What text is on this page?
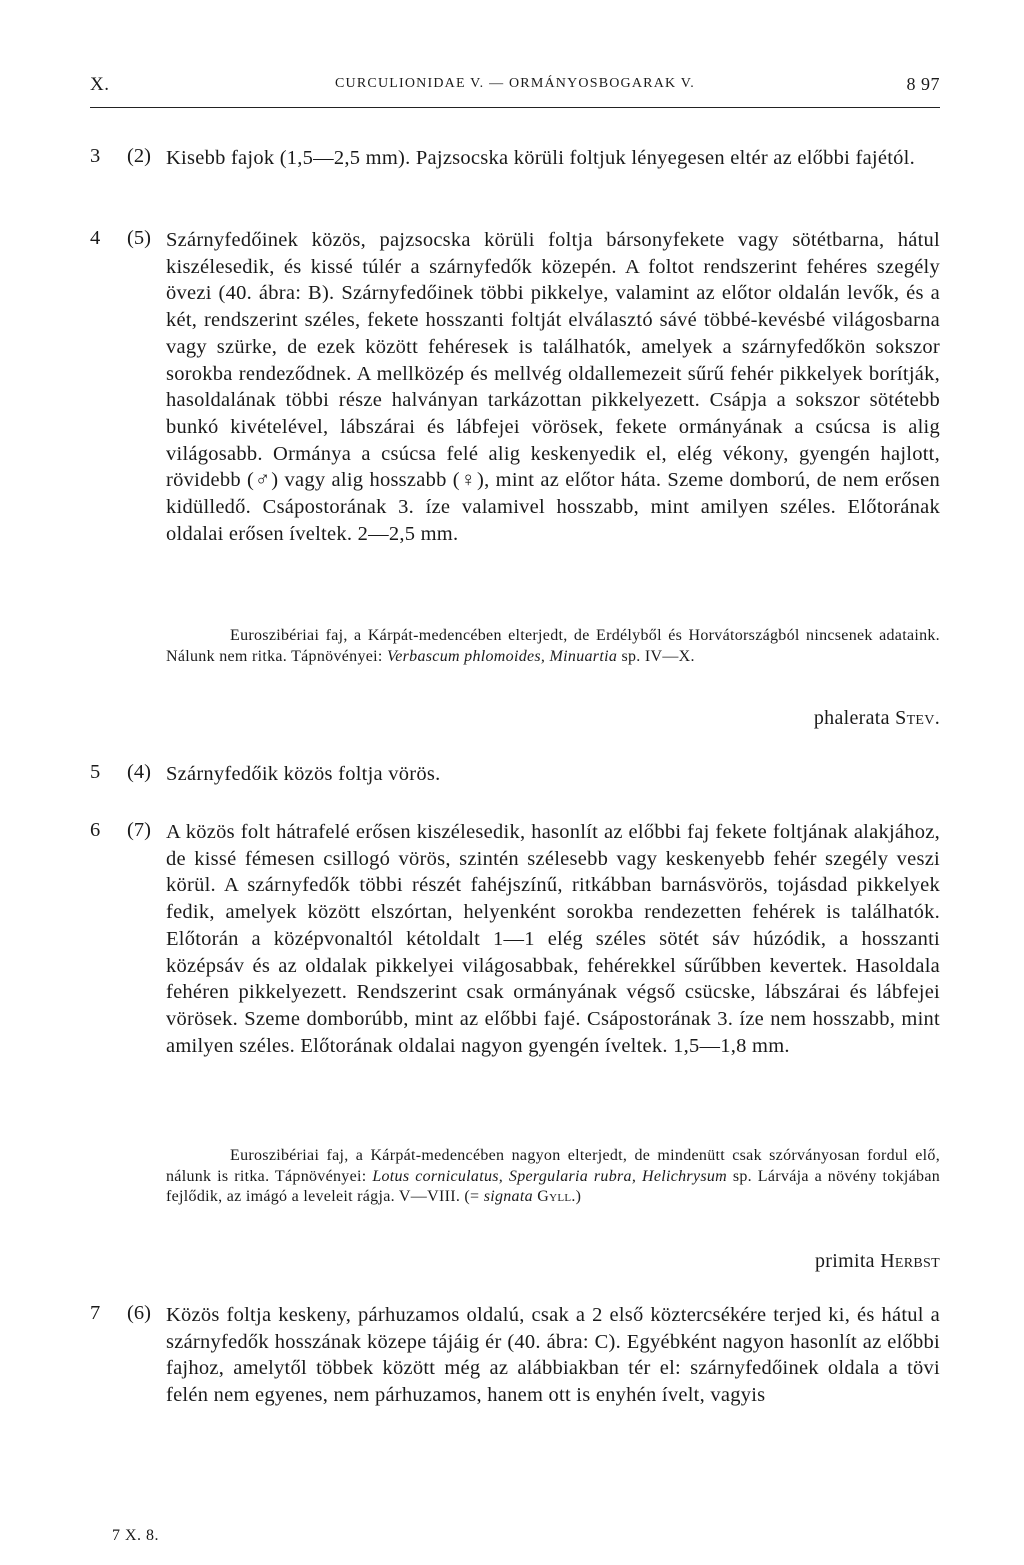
X.	CURCULIONIDAE V. — ORMÁNYOSBOGARAK V.	8 97
3 (2) Kisebb fajok (1,5—2,5 mm). Pajzsocska körüli foltjuk lényegesen eltér az előbbi fajétól.
4 (5) Szárnyfedőinek közös, pajzsocska körüli foltja bársonyfekete vagy sötétbarna, hátul kiszélesedik, és kissé túlér a szárnyfedők közepén. A foltot rendszerint fehéres szegély övezi (40. ábra: B). Szárnyfedőinek többi pikkelye, valamint az előtor oldalán levők, és a két, rendszerint széles, fekete hosszanti foltját elválasztó sávé többé-kevésbé világosbarna vagy szürke, de ezek között fehéresek is találhatók, amelyek a szárnyfedőkön sokszor sorokba rendeződnek. A mellközép és mellvég oldallemezeit sűrű fehér pikkelyek borítják, hasoldalának többi része halványan tarkázottan pikkelyezett. Csápja a sokszor sötétebb bunkó kivételével, lábszárai és lábfejei vörösek, fekete ormányának a csúcsa is alig világosabb. Ormánya a csúcsa felé alig keskenyedik el, elég vékony, gyengén hajlott, rövidebb (♂) vagy alig hosszabb (♀), mint az előtor háta. Szeme domború, de nem erősen kidülledő. Csápostorának 3. íze valamivel hosszabb, mint amilyen széles. Előtorának oldalai erősen íveltek. 2—2,5 mm.
Euroszibériai faj, a Kárpát-medencében elterjedt, de Erdélyből és Horvátországból nincsenek adataink. Nálunk nem ritka. Tápnövényei: Verbascum phlomoides, Minuartia sp. IV—X.
phalerata Stev.
5 (4) Szárnyfedőik közös foltja vörös.
6 (7) A közös folt hátrafelé erősen kiszélesedik, hasonlít az előbbi faj fekete foltjának alakjához, de kissé fémesen csillogó vörös, szintén szélesebb vagy keskenyebb fehér szegély veszi körül. A szárnyfedők többi részét fahéjszínű, ritkábban barnásvörös, tojásdad pikkelyek fedik, amelyek között elszórtan, helyenként sorokba rendezetten fehérek is találhatók. Előtorán a középvonaltól kétoldalt 1—1 elég széles sötét sáv húzódik, a hosszanti középsáv és az oldalak pikkelyei világosabbak, fehérekkel sűrűbben kevertek. Hasoldala fehéren pikkelyezett. Rendszerint csak ormányának végső csücske, lábszárai és lábfejei vörösek. Szeme domborúbb, mint az előbbi fajé. Csápostorának 3. íze nem hosszabb, mint amilyen széles. Előtorának oldalai nagyon gyengén íveltek. 1,5—1,8 mm.
Euroszibériai faj, a Kárpát-medencében nagyon elterjedt, de mindenütt csak szórványosan fordul elő, nálunk is ritka. Tápnövényei: Lotus corniculatus, Spergularia rubra, Helichrysum sp. Lárvája a növény tokjában fejlődik, az imágó a leveleit rágja. V—VIII. (= signata Gyll.)
primita Herbst
7 (6) Közös foltja keskeny, párhuzamos oldalú, csak a 2 első köztercsékére terjed ki, és hátul a szárnyfedők hosszának közepe tájáig ér (40. ábra: C). Egyébként nagyon hasonlít az előbbi fajhoz, amelytől többek között még az alábbiakban tér el: szárnyfedőinek oldala a tövi felén nem egyenes, nem párhuzamos, hanem ott is enyhén ívelt, vagyis
7 X. 8.
